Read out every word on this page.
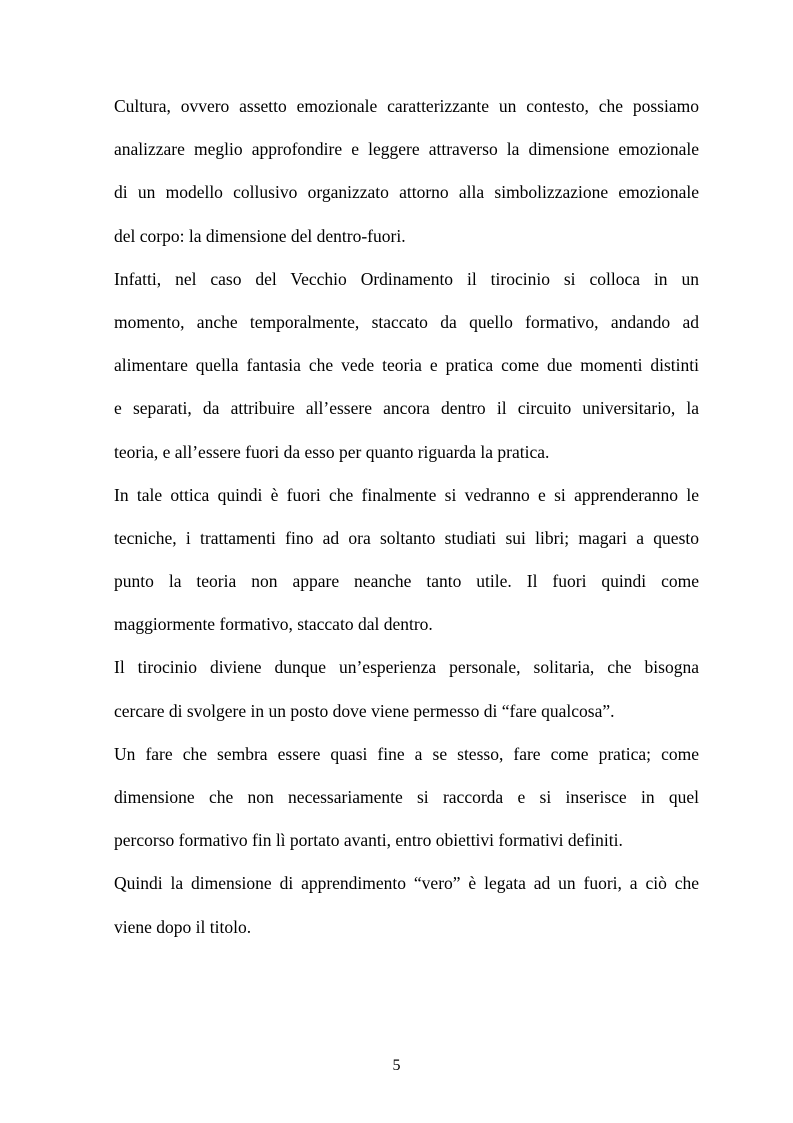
Cultura, ovvero assetto emozionale caratterizzante un contesto, che possiamo
analizzare meglio approfondire e leggere attraverso la dimensione emozionale
di un modello collusivo organizzato attorno alla simbolizzazione emozionale
del corpo: la dimensione del dentro-fuori.
Infatti, nel caso del Vecchio Ordinamento il tirocinio si colloca in un
momento, anche temporalmente, staccato da quello formativo, andando ad
alimentare quella fantasia che vede teoria e pratica come due momenti distinti
e separati, da attribuire all’essere ancora dentro il circuito universitario, la
teoria, e all’essere fuori da esso per quanto riguarda la pratica.
In tale ottica quindi è fuori che finalmente si vedranno e si apprenderanno le
tecniche, i trattamenti fino ad ora soltanto studiati sui libri; magari a questo
punto la teoria non appare neanche tanto utile. Il fuori quindi come
maggiormente formativo, staccato dal dentro.
Il tirocinio diviene dunque un’esperienza personale, solitaria, che bisogna
cercare di svolgere in un posto dove viene permesso di “fare qualcosa”.
Un fare che sembra essere quasi fine a se stesso, fare come pratica; come
dimensione che non necessariamente si raccorda e si inserisce in quel
percorso formativo fin lì portato avanti, entro obiettivi formativi definiti.
Quindi la dimensione di apprendimento “vero” è legata ad un fuori, a ciò che
viene dopo il titolo.
5
